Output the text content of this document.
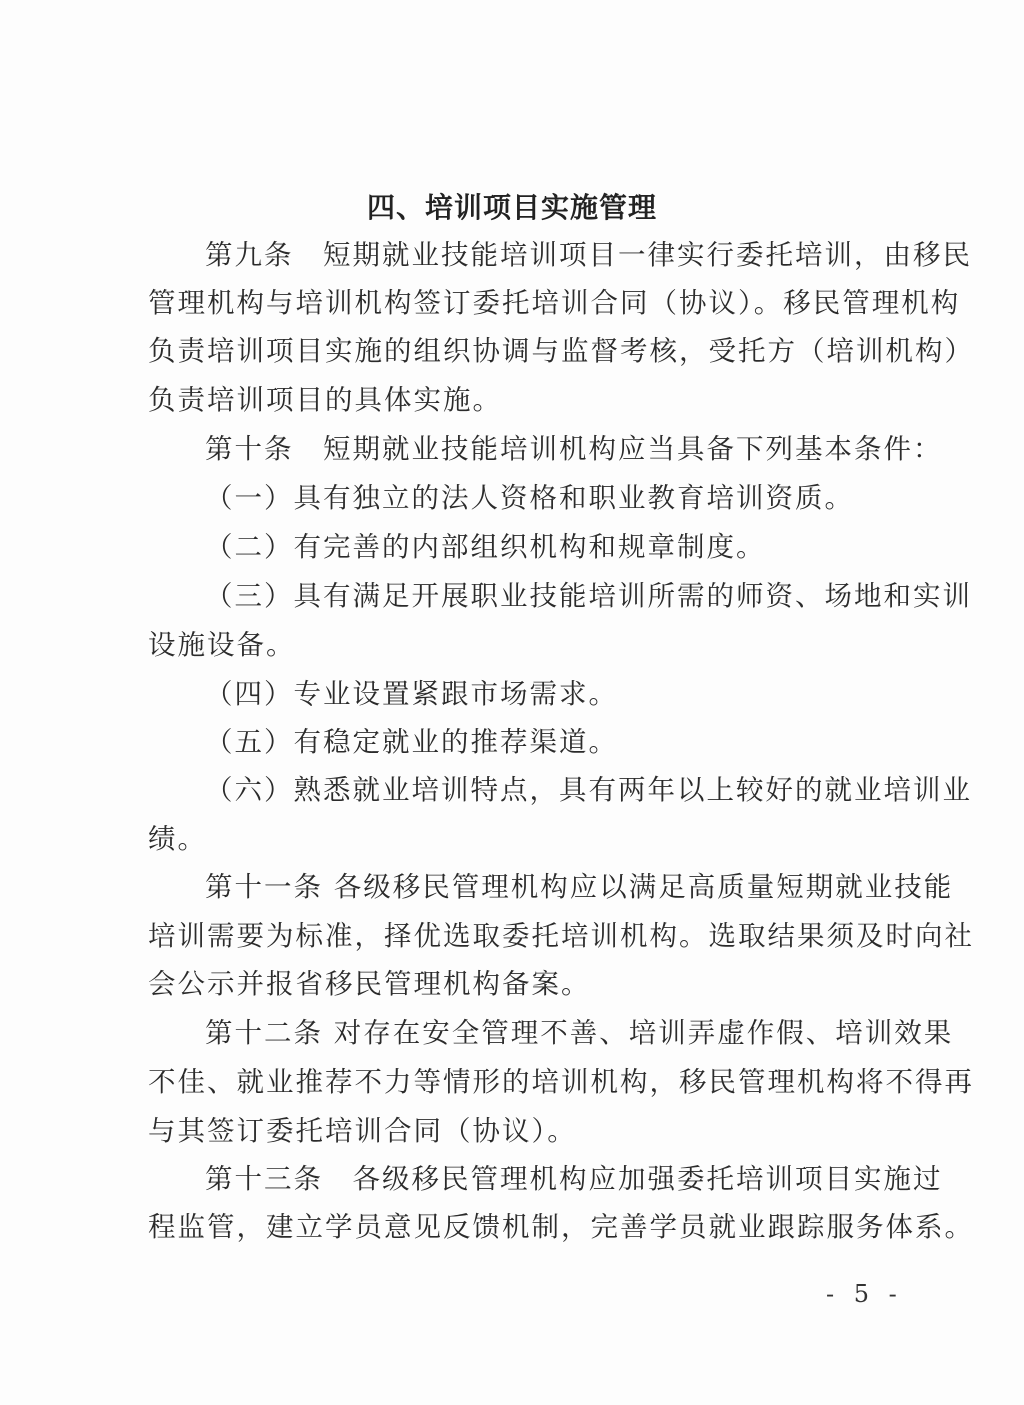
四、培训项目实施管理
第九条　短期就业技能培训项目一律实行委托培训，由移民
管理机构与培训机构签订委托培训合同（协议）。移民管理机构
负责培训项目实施的组织协调与监督考核，受托方（培训机构）
负责培训项目的具体实施。
第十条　短期就业技能培训机构应当具备下列基本条件：
（一）具有独立的法人资格和职业教育培训资质。
（二）有完善的内部组织机构和规章制度。
（三）具有满足开展职业技能培训所需的师资、场地和实训
设施设备。
（四）专业设置紧跟市场需求。
（五）有稳定就业的推荐渠道。
（六）熟悉就业培训特点，具有两年以上较好的就业培训业
绩。
第十一条 各级移民管理机构应以满足高质量短期就业技能
培训需要为标准，择优选取委托培训机构。选取结果须及时向社
会公示并报省移民管理机构备案。
第十二条 对存在安全管理不善、培训弄虚作假、培训效果
不佳、就业推荐不力等情形的培训机构，移民管理机构将不得再
与其签订委托培训合同（协议）。
第十三条　各级移民管理机构应加强委托培训项目实施过
程监管，建立学员意见反馈机制，完善学员就业跟踪服务体系。
- 5 -
